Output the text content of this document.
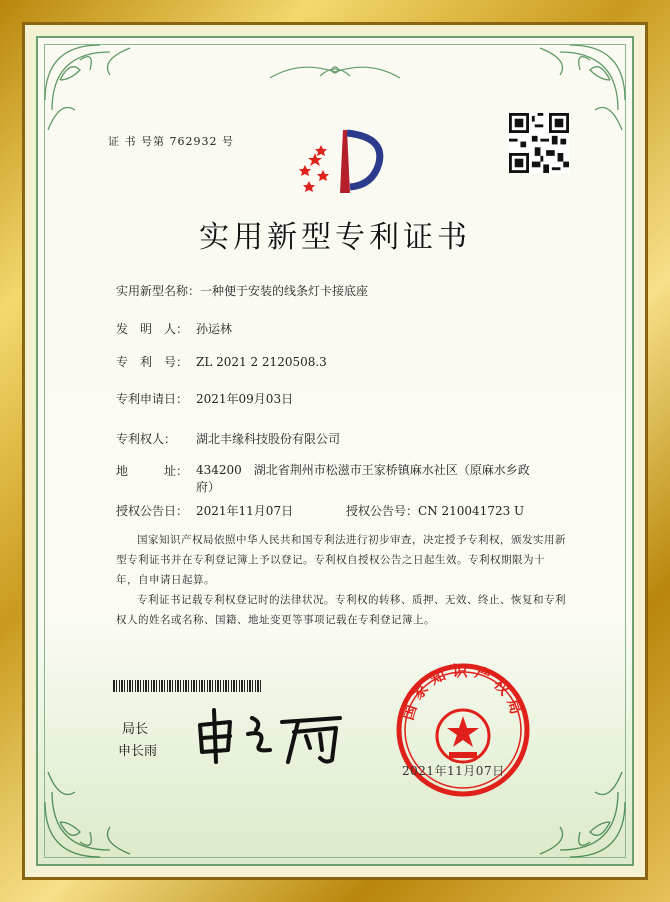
证 书 号第 762932 号
实用新型专利证书
实用新型名称：一种便于安装的线条灯卡接底座
发　明　人： 孙运林
专　利　号： ZL 2021 2 2120508.3
专利申请日： 2021年09月03日
专利权人： 湖北丰缘科技股份有限公司
地　　　址： 434200　湖北省荆州市松滋市王家桥镇麻水社区（原麻水乡政府）
授权公告日： 2021年11月07日	授权公告号：CN 210041723 U
国家知识产权局依照中华人民共和国专利法进行初步审查，决定授予专利权，颁发实用新型专利证书并在专利登记簿上予以登记。专利权自授权公告之日起生效。专利权期限为十年，自申请日起算。
专利证书记载专利权登记时的法律状况。专利权的转移、质押、无效、终止、恢复和专利权人的姓名或名称、国籍、地址变更等事项记载在专利登记簿上。
局长
申长雨
国家知识产权局
2021年11月07日
